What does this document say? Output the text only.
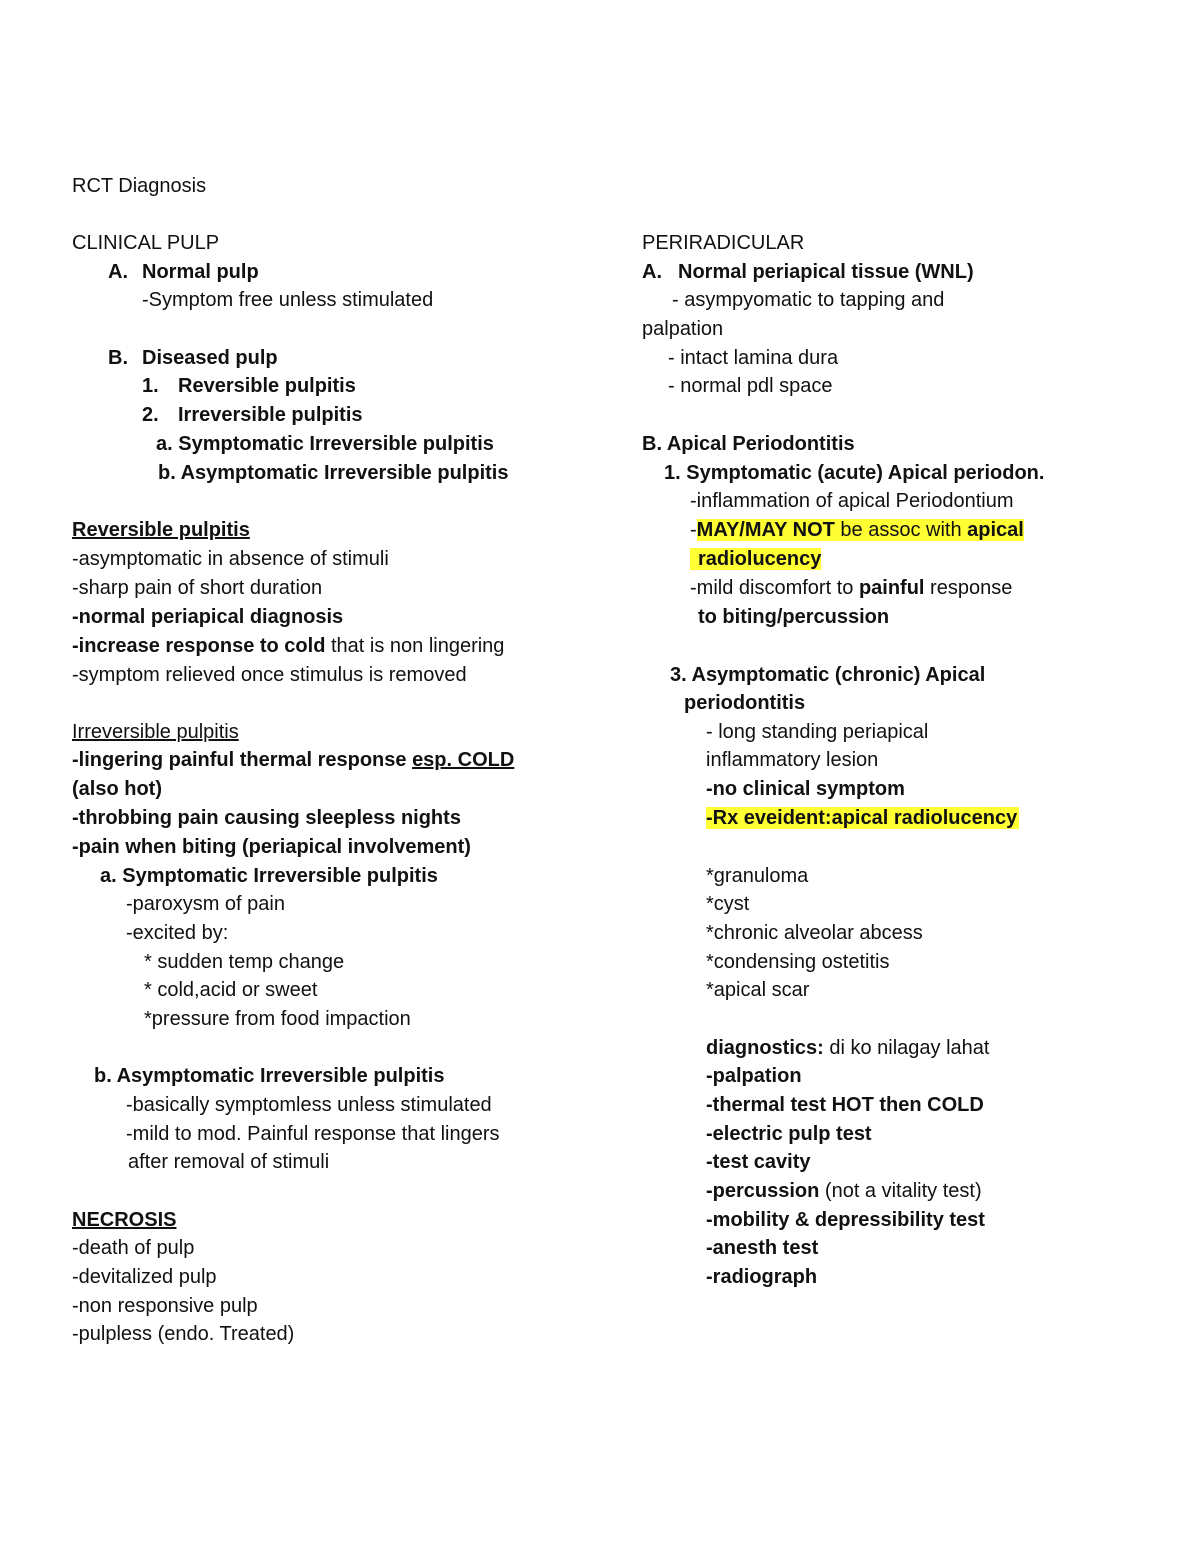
RCT Diagnosis
CLINICAL PULP
A. Normal pulp
-Symptom free unless stimulated
B. Diseased pulp
1. Reversible pulpitis
2. Irreversible pulpitis
a. Symptomatic Irreversible pulpitis
b. Asymptomatic Irreversible pulpitis
Reversible pulpitis
-asymptomatic in absence of stimuli
-sharp pain of short duration
-normal periapical diagnosis
-increase response to cold that is non lingering
-symptom relieved once stimulus is removed
Irreversible pulpitis
-lingering painful thermal response esp. COLD
(also hot)
-throbbing pain causing sleepless nights
-pain when biting (periapical involvement)
a. Symptomatic Irreversible pulpitis
-paroxysm of pain
-excited by:
* sudden temp change
* cold,acid or sweet
*pressure from food impaction
b. Asymptomatic Irreversible pulpitis
-basically symptomless unless stimulated
-mild to mod. Painful response that lingers
after removal of stimuli
NECROSIS
-death of pulp
-devitalized pulp
-non responsive pulp
-pulpless (endo. Treated)
PERIRADICULAR
A. Normal periapical tissue (WNL)
- asympyomatic to tapping and
palpation
- intact lamina dura
- normal pdl space
B. Apical Periodontitis
1. Symptomatic (acute) Apical periodon.
-inflammation of apical Periodontium
-MAY/MAY NOT be assoc with apical
radiolucency
-mild discomfort to painful response
to biting/percussion
3. Asymptomatic (chronic) Apical
periodontitis
- long standing periapical
inflammatory lesion
-no clinical symptom
-Rx eveident:apical radiolucency
*granuloma
*cyst
*chronic alveolar abcess
*condensing ostetitis
*apical scar
diagnostics: di ko nilagay lahat
-palpation
-thermal test HOT then COLD
-electric pulp test
-test cavity
-percussion (not a vitality test)
-mobility & depressibility test
-anesth test
-radiograph
